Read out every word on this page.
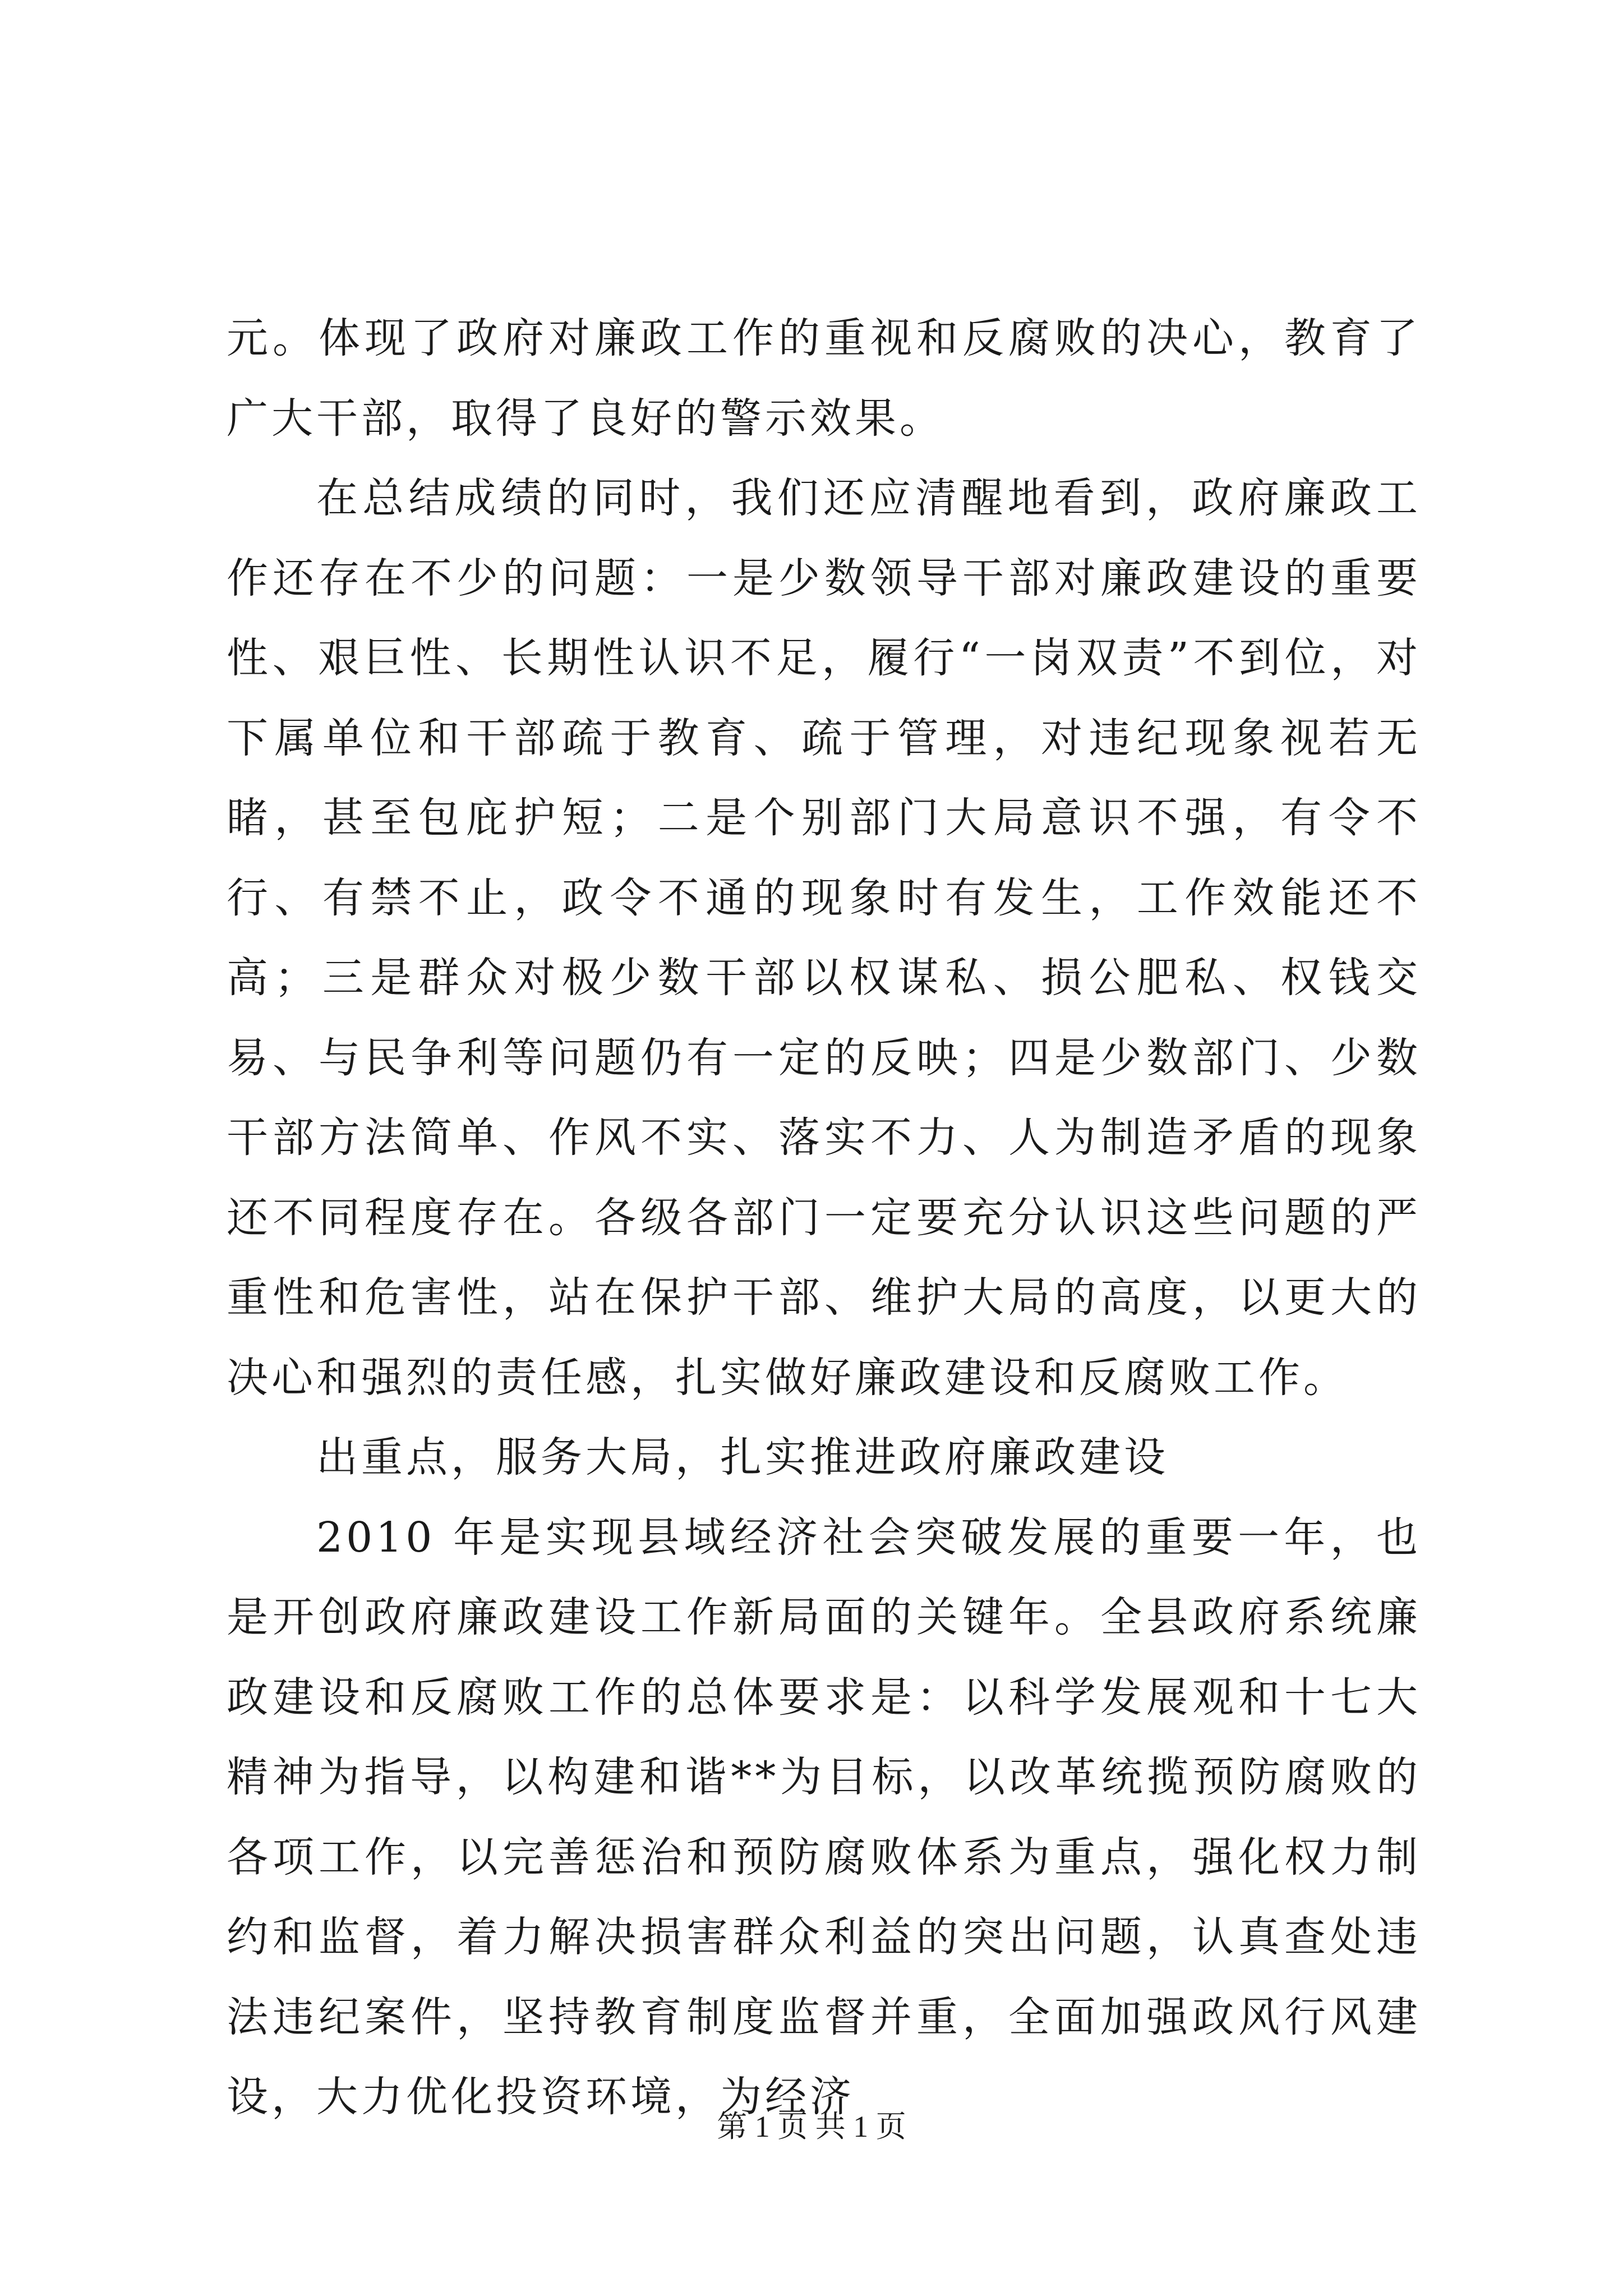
元。体现了政府对廉政工作的重视和反腐败的决心，教育了广大干部，取得了良好的警示效果。

在总结成绩的同时，我们还应清醒地看到，政府廉政工作还存在不少的问题：一是少数领导干部对廉政建设的重要性、艰巨性、长期性认识不足，履行“一岗双责”不到位，对下属单位和干部疏于教育、疏于管理，对违纪现象视若无睹，甚至包庇护短；二是个别部门大局意识不强，有令不行、有禁不止，政令不通的现象时有发生，工作效能还不高；三是群众对极少数干部以权谋私、损公肥私、权钱交易、与民争利等问题仍有一定的反映；四是少数部门、少数干部方法简单、作风不实、落实不力、人为制造矛盾的现象还不同程度存在。各级各部门一定要充分认识这些问题的严重性和危害性，站在保护干部、维护大局的高度，以更大的决心和强烈的责任感，扎实做好廉政建设和反腐败工作。

出重点，服务大局，扎实推进政府廉政建设

2010 年是实现县域经济社会突破发展的重要一年，也是开创政府廉政建设工作新局面的关键年。全县政府系统廉政建设和反腐败工作的总体要求是：以科学发展观和十七大精神为指导，以构建和谐**为目标，以改革统揽预防腐败的各项工作，以完善惩治和预防腐败体系为重点，强化权力制约和监督，着力解决损害群众利益的突出问题，认真查处违法违纪案件，坚持教育制度监督并重，全面加强政风行风建设，大力优化投资环境，为经济

第 1 页 共 1 页
